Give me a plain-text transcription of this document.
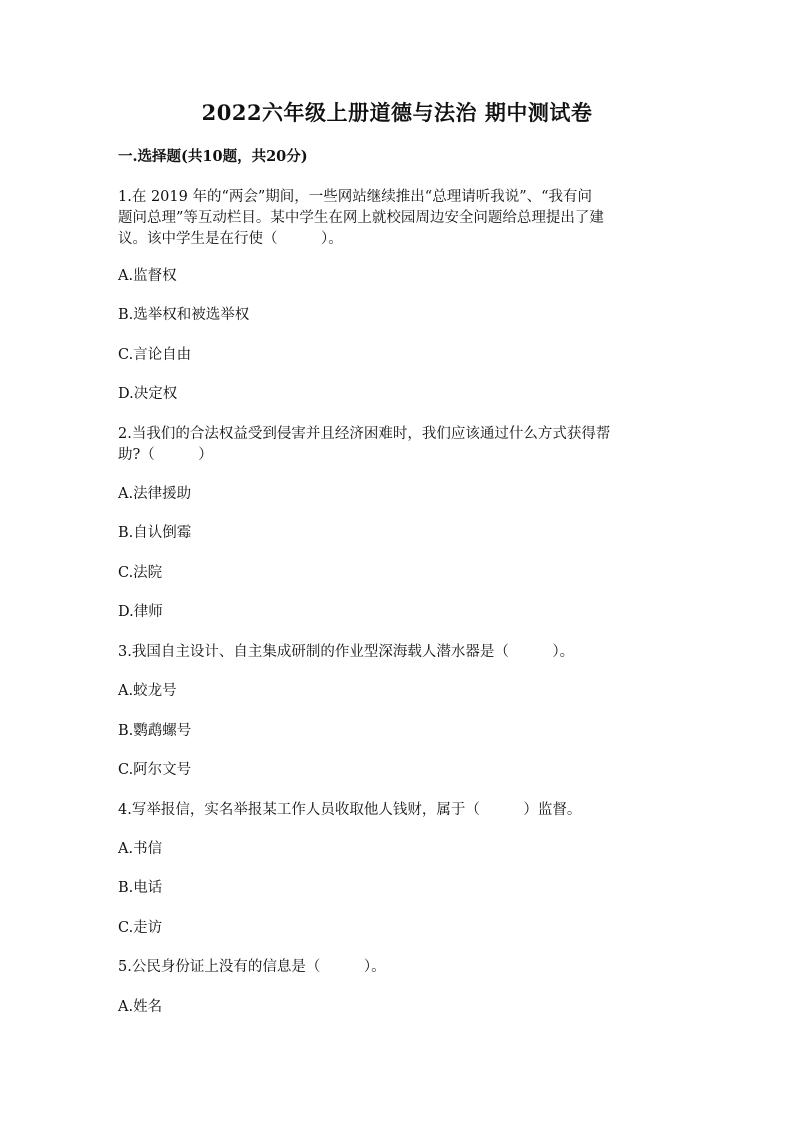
2022六年级上册道德与法治 期中测试卷
一.选择题(共10题，共20分)
1.在 2019 年的“两会”期间，一些网站继续推出“总理请听我说”、“我有问
题问总理”等互动栏目。某中学生在网上就校园周边安全问题给总理提出了建
议。该中学生是在行使（　　　）。
A.监督权
B.选举权和被选举权
C.言论自由
D.决定权
2.当我们的合法权益受到侵害并且经济困难时，我们应该通过什么方式获得帮
助?（　　　）
A.法律援助
B.自认倒霉
C.法院
D.律师
3.我国自主设计、自主集成研制的作业型深海载人潜水器是（　　　）。
A.蛟龙号
B.鹦鹉螺号
C.阿尔文号
4.写举报信，实名举报某工作人员收取他人钱财，属于（　　　）监督。
A.书信
B.电话
C.走访
5.公民身份证上没有的信息是（　　　）。
A.姓名
